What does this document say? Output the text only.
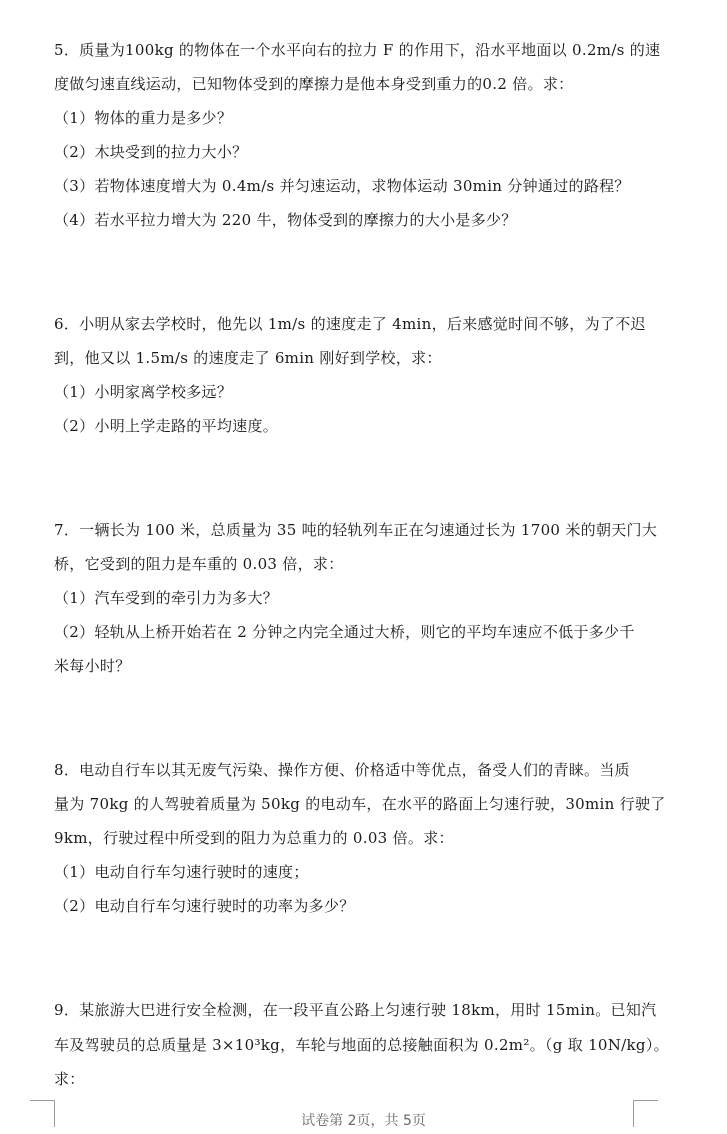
5．质量为100kg 的物体在一个水平向右的拉力 F 的作用下，沿水平地面以 0.2m/s 的速
度做匀速直线运动，已知物体受到的摩擦力是他本身受到重力的0.2 倍。求：
（1）物体的重力是多少？
（2）木块受到的拉力大小？
（3）若物体速度增大为 0.4m/s 并匀速运动，求物体运动 30min 分钟通过的路程？
（4）若水平拉力增大为 220 牛，物体受到的摩擦力的大小是多少？
6．小明从家去学校时，他先以 1m/s 的速度走了 4min，后来感觉时间不够，为了不迟
到，他又以 1.5m/s 的速度走了 6min 刚好到学校，求：
（1）小明家离学校多远？
（2）小明上学走路的平均速度。
7．一辆长为 100 米，总质量为 35 吨的轻轨列车正在匀速通过长为 1700 米的朝天门大
桥，它受到的阻力是车重的 0.03 倍，求：
（1）汽车受到的牵引力为多大？
（2）轻轨从上桥开始若在 2 分钟之内完全通过大桥，则它的平均车速应不低于多少千
米每小时？
8．电动自行车以其无废气污染、操作方便、价格适中等优点，备受人们的青睐。当质
量为 70kg 的人驾驶着质量为 50kg 的电动车，在水平的路面上匀速行驶，30min 行驶了
9km，行驶过程中所受到的阻力为总重力的 0.03 倍。求：
（1）电动自行车匀速行驶时的速度；
（2）电动自行车匀速行驶时的功率为多少？
9．某旅游大巴进行安全检测，在一段平直公路上匀速行驶 18km，用时 15min。已知汽
车及驾驶员的总质量是 3×10³kg，车轮与地面的总接触面积为 0.2m²。（g 取 10N/kg）。
求：
试卷第 2页，共 5页
